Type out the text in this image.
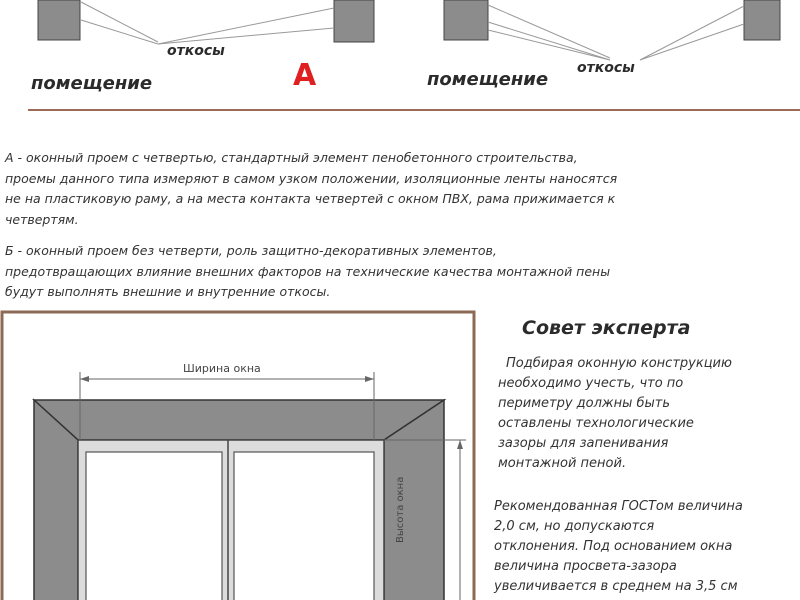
откосы
помещение	А	помещение
откосы
А - оконный проем с четвертью, стандартный элемент пенобетонного строительства,
проемы данного типа измеряют в самом узком положении, изоляционные ленты наносятся
не на пластиковую раму, а на места контакта четвертей с окном ПВХ, рама прижимается к
четвертям.
Б - оконный проем без четверти, роль защитно-декоративных элементов,
предотвращающих влияние внешних факторов на технические качества монтажной пены
будут выполнять внешние и внутренние откосы.
Ширина окна
Высота окна
Совет эксперта
Подбирая оконную конструкцию
необходимо учесть, что по
периметру должны быть
оставлены технологические
зазоры для запенивания
монтажной пеной.
Рекомендованная ГОСТом величина
2,0 см, но допускаются
отклонения. Под основанием окна
величина просвета-зазора
увеличивается в среднем на 3,5 см
